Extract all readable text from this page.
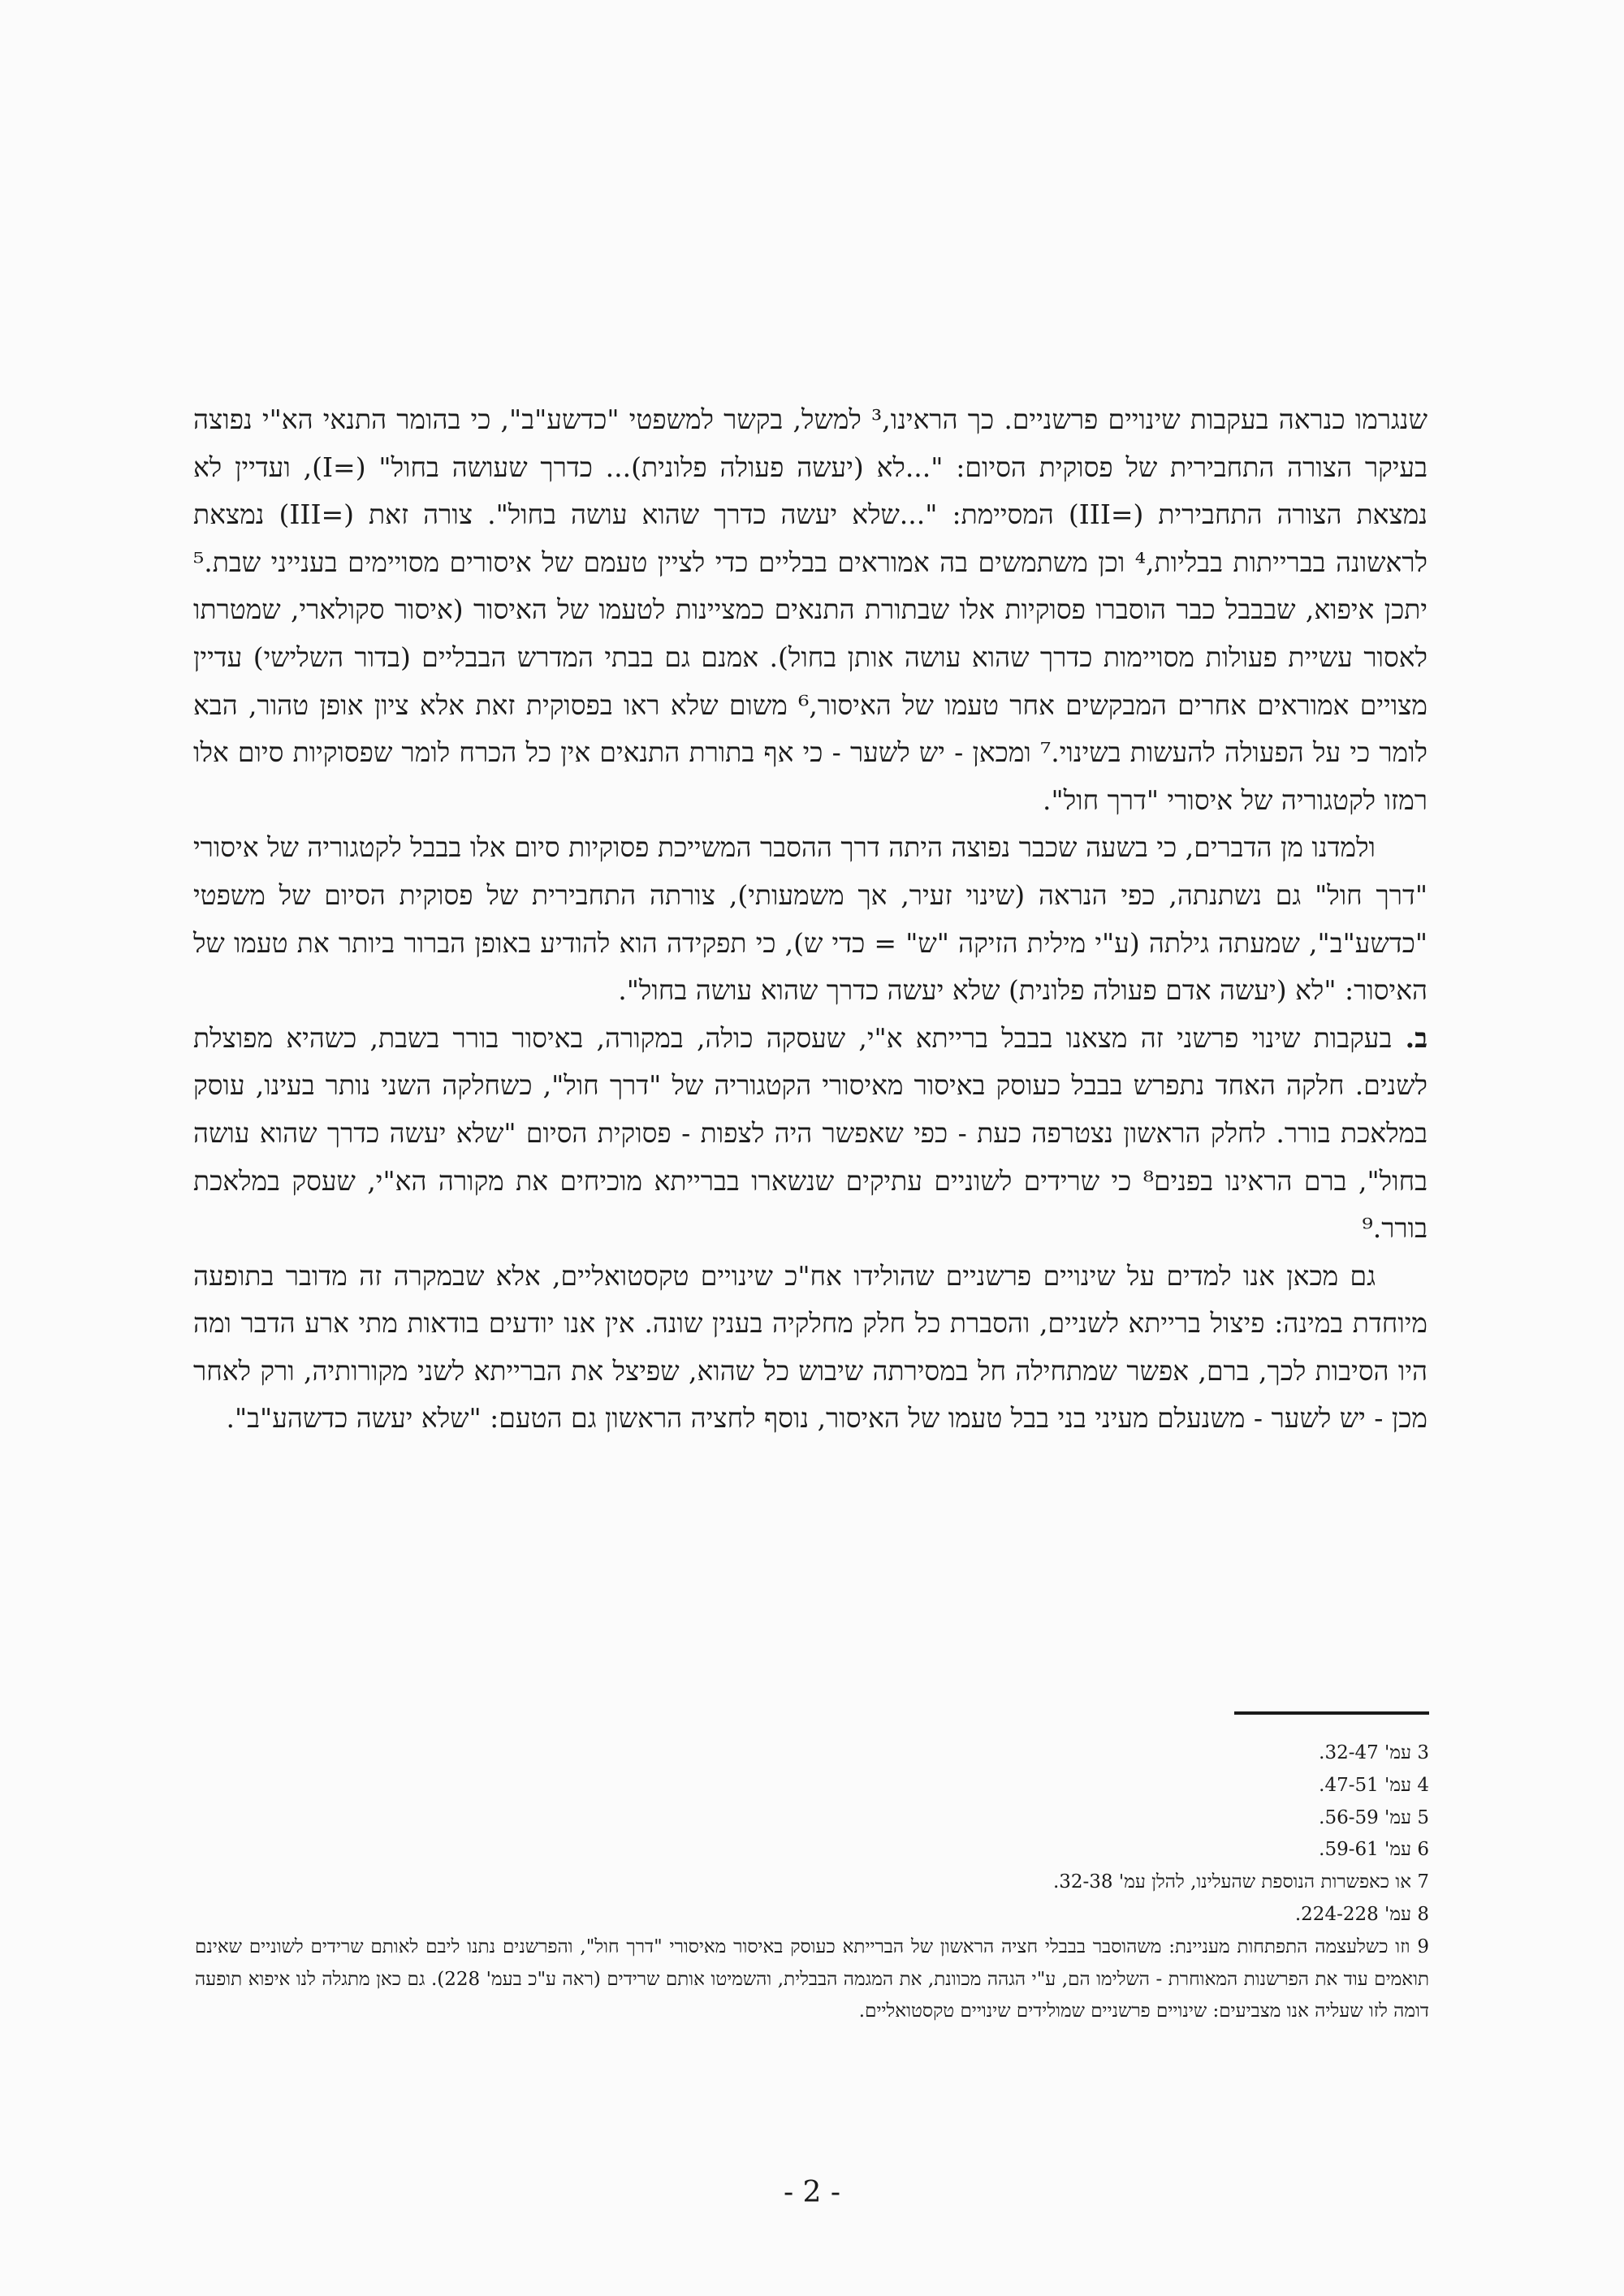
שנגרמו כנראה בעקבות שינויים פרשניים. כך הראינו,³ למשל, בקשר למשפטי "כדשע"ב", כי בהומר התנאי הא"י נפוצה בעיקר הצורה התחבירית של פסוקית הסיום: "...לא (יעשה פעולה פלונית)... כדרך שעושה בחול" (=I), ועדיין לא נמצאת הצורה התחבירית (=III) המסיימת: "...שלא יעשה כדרך שהוא עושה בחול". צורה זאת (=III) נמצאת לראשונה בברייתות בבליות,⁴ וכן משתמשים בה אמוראים בבליים כדי לציין טעמם של איסורים מסויימים בענייני שבת.⁵ יתכן איפוא, שבבבל כבר הוסברו פסוקיות אלו שבתורת התנאים כמציינות לטעמו של האיסור (איסור סקולארי, שמטרתו לאסור עשיית פעולות מסויימות כדרך שהוא עושה אותן בחול). אמנם גם בבתי המדרש הבבליים (בדור השלישי) עדיין מצויים אמוראים אחרים המבקשים אחר טעמו של האיסור,⁶ משום שלא ראו בפסוקית זאת אלא ציון אופן טהור, הבא לומר כי על הפעולה להעשות בשינוי.⁷ ומכאן - יש לשער - כי אף בתורת התנאים אין כל הכרח לומר שפסוקיות סיום אלו רמזו לקטגוריה של איסורי "דרך חול".

ולמדנו מן הדברים, כי בשעה שכבר נפוצה היתה דרך ההסבר המשייכת פסוקיות סיום אלו בבבל לקטגוריה של איסורי "דרך חול" גם נשתנתה, כפי הנראה (שינוי זעיר, אך משמעותי), צורתה התחבירית של פסוקית הסיום של משפטי "כדשע"ב", שמעתה גילתה (ע"י מילית הזיקה "ש" = כדי ש), כי תפקידה הוא להודיע באופן הברור ביותר את טעמו של האיסור: "לא (יעשה אדם פעולה פלונית) שלא יעשה כדרך שהוא עושה בחול".

ב. בעקבות שינוי פרשני זה מצאנו בבבל ברייתא א"י, שעסקה כולה, במקורה, באיסור בורר בשבת, כשהיא מפוצלת לשנים. חלקה האחד נתפרש בבבל כעוסק באיסור מאיסורי הקטגוריה של "דרך חול", כשחלקה השני נותר בעינו, עוסק במלאכת בורר. לחלק הראשון נצטרפה כעת - כפי שאפשר היה לצפות - פסוקית הסיום "שלא יעשה כדרך שהוא עושה בחול", ברם הראינו בפנים⁸ כי שרידים לשוניים עתיקים שנשארו בברייתא מוכיחים את מקורה הא"י, שעסק במלאכת בורר.⁹

גם מכאן אנו למדים על שינויים פרשניים שהולידו אח"כ שינויים טקסטואליים, אלא שבמקרה זה מדובר בתופעה מיוחדת במינה: פיצול ברייתא לשניים, והסברת כל חלק מחלקיה בענין שונה. אין אנו יודעים בודאות מתי ארע הדבר ומה היו הסיבות לכך, ברם, אפשר שמתחילה חל במסירתה שיבוש כל שהוא, שפיצל את הברייתא לשני מקורותיה, ורק לאחר מכן - יש לשער - משנעלם מעיני בני בבל טעמו של האיסור, נוסף לחציה הראשון גם הטעם: "שלא יעשה כדשהע"ב".

3 עמ' 32-47.

4 עמ' 47-51.

5 עמ' 56-59.

6 עמ' 59-61.

7 או כאפשרות הנוספת שהעלינו, להלן עמ' 32-38.

8 עמ' 224-228.

9 וזו כשלעצמה התפתחות מעניינת: משהוסבר בבבלי חציה הראשון של הברייתא כעוסק באיסור מאיסורי "דרך חול", והפרשנים נתנו ליבם לאותם שרידים לשוניים שאינם תואמים עוד את הפרשנות המאוחרת - השלימו הם, ע"י הגהה מכוונת, את המגמה הבבלית, והשמיטו אותם שרידים (ראה ע"כ בעמ' 228). גם כאן מתגלה לנו איפוא תופעה דומה לזו שעליה אנו מצביעים: שינויים פרשניים שמולידים שינויים טקסטואליים.

- 2 -
